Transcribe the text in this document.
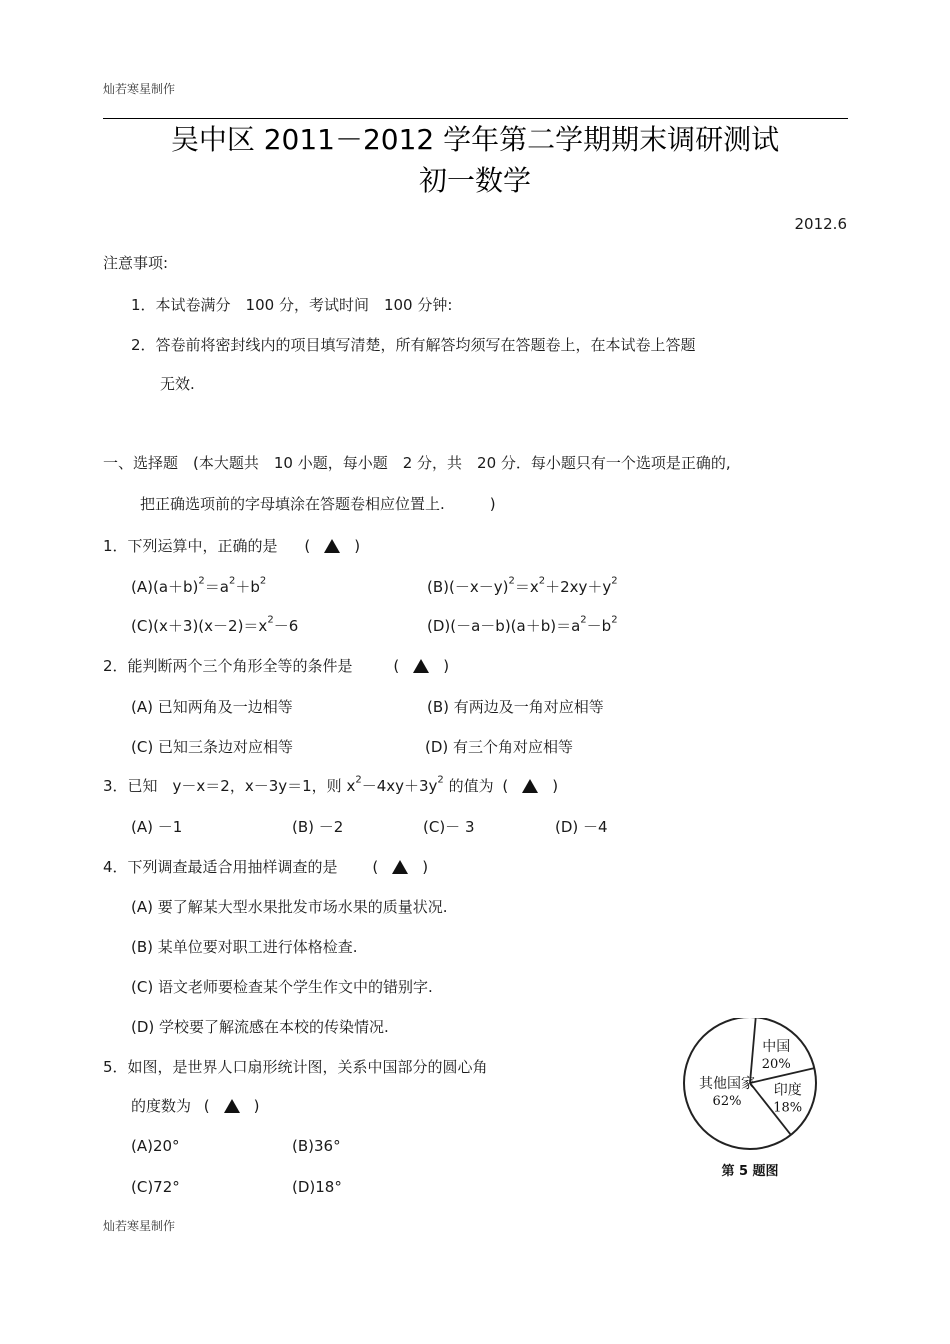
灿若寒星制作
吴中区 2011－2012 学年第二学期期末调研测试
初一数学
2012.6
注意事项:
1．本试卷满分　100 分，考试时间　100 分钟:
2．答卷前将密封线内的项目填写清楚，所有解答均须写在答题卷上，在本试卷上答题
无效.
一、选择题　(本大题共　10 小题，每小题　2 分，共　20 分．每小题只有一个选项是正确的,
把正确选项前的字母填涂在答题卷相应位置上.　　　)
1．下列运算中，正确的是 (	)
$(A)(a+b)^2=a^2+b^2$	$(B)(-x-y)^2=x^2+2xy+y^2$
$(C)(x+3)(x-2)=x^2-6$	$(D)(-a-b)(a+b)=a^2-b^2$
2．能判断两个三个角形全等的条件是	(	)
(A) 已知两角及一边相等	(B) 有两边及一角对应相等
(C) 已知三条边对应相等	(D) 有三个角对应相等
3．已知　y－x＝2，x－3y＝1，则 $x^2-4xy+3y^2$ 的值为 (	)
(A) －1	(B) －2	(C)－ 3	(D) －4
4．下列调查最适合用抽样调查的是 (	)
(A) 要了解某大型水果批发市场水果的质量状况.
(B) 某单位要对职工进行体格检查.
(C) 语文老师要检查某个学生作文中的错别字.
(D) 学校要了解流感在本校的传染情况.
5．如图，是世界人口扇形统计图，关系中国部分的圆心角
的度数为 (	)
(A)20°	(B)36°
(C)72°	(D)18°
中国
20%
印度
18%
其他国家
62%
第 5 题图
灿若寒星制作
